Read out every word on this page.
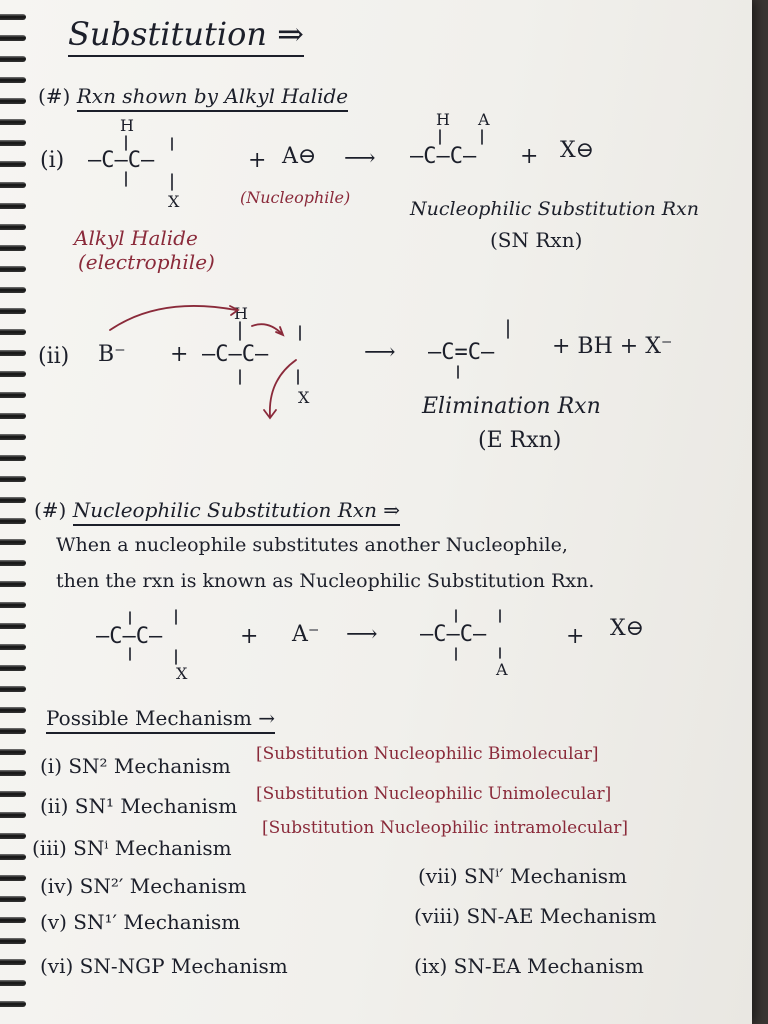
Substitution ⇒
(#) Rxn shown by Alkyl Halide
(i)
H
—C—C—
X
+ A⊖ ⟶
H A
—C—C— + X⊖
(Nucleophile)
Alkyl Halide
(electrophile)
Nucleophilic Substitution Rxn
(SN Rxn)
(ii) B⁻ +
H
—C—C—
X
⟶ —C=C—	+ BH + X⁻
Elimination Rxn
(E Rxn)
(#) Nucleophilic Substitution Rxn ⇒
When a nucleophile substitutes another Nucleophile,
then the rxn is known as Nucleophilic Substitution Rxn.
—C—C—
X
+ A⁻ ⟶ —C—C—
A
+ X⊖
Possible Mechanism →
(i) SN² Mechanism [Substitution Nucleophilic Bimolecular]
(ii) SN¹ Mechanism [Substitution Nucleophilic Unimolecular]
(iii) SNⁱ Mechanism
[Substitution Nucleophilic intramolecular]
(iv) SN²′ Mechanism
(v) SN¹′ Mechanism
(vi) SN-NGP Mechanism
(vii) SNⁱ′ Mechanism
(viii) SN-AE Mechanism
(ix) SN-EA Mechanism
